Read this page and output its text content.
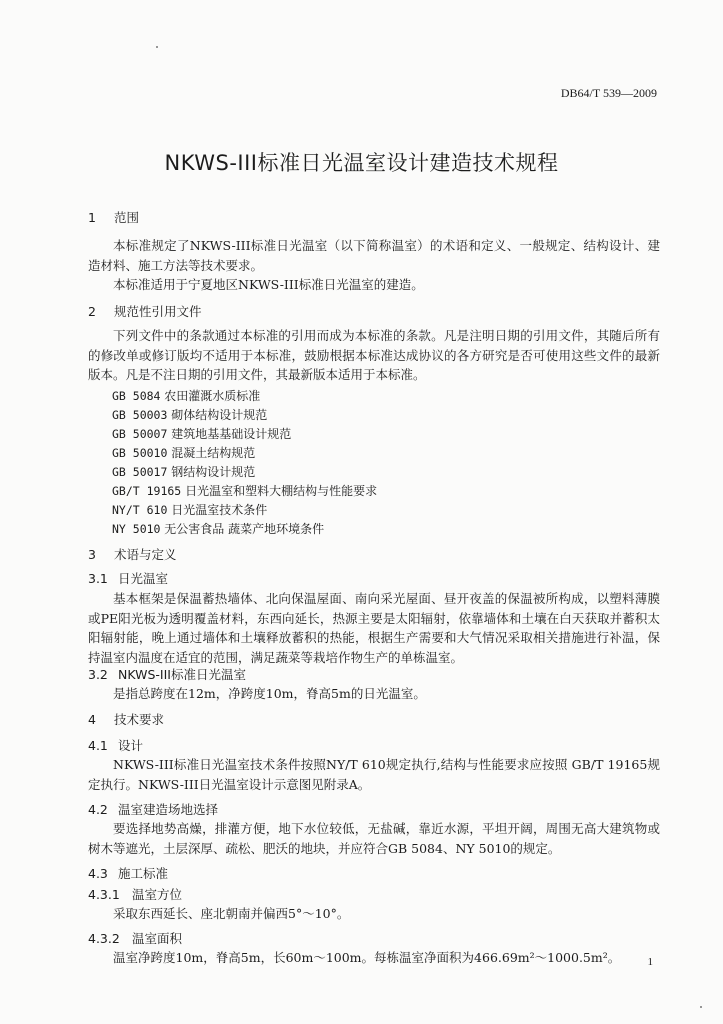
DB64/T 539—2009
NKWS-III标准日光温室设计建造技术规程
1 范围

本标准规定了NKWS-III标准日光温室（以下简称温室）的术语和定义、一般规定、结构设计、建造材料、施工方法等技术要求。

本标准适用于宁夏地区NKWS-III标准日光温室的建造。

2 规范性引用文件

下列文件中的条款通过本标准的引用而成为本标准的条款。凡是注明日期的引用文件，其随后所有的修改单或修订版均不适用于本标准，鼓励根据本标准达成协议的各方研究是否可使用这些文件的最新版本。凡是不注日期的引用文件，其最新版本适用于本标准。

GB 5084 农田灌溉水质标准
GB 50003 砌体结构设计规范
GB 50007 建筑地基基础设计规范
GB 50010 混凝土结构规范
GB 50017 钢结构设计规范
GB/T 19165 日光温室和塑料大棚结构与性能要求
NY/T 610 日光温室技术条件
NY 5010 无公害食品 蔬菜产地环境条件
3 术语与定义
3.1 日光温室

基本框架是保温蓄热墙体、北向保温屋面、南向采光屋面、昼开夜盖的保温被所构成，以塑料薄膜或PE阳光板为透明覆盖材料，东西向延长，热源主要是太阳辐射，依靠墙体和土壤在白天获取并蓄积太阳辐射能，晚上通过墙体和土壤释放蓄积的热能，根据生产需要和大气情况采取相关措施进行补温，保持温室内温度在适宜的范围，满足蔬菜等栽培作物生产的单栋温室。

3.2 NKWS-III标准日光温室

是指总跨度在12m，净跨度10m，脊高5m的日光温室。

4 技术要求
4.1 设计

NKWS-III标准日光温室技术条件按照NY/T 610规定执行,结构与性能要求应按照 GB/T 19165规定执行。NKWS-III日光温室设计示意图见附录A。

4.2 温室建造场地选择

要选择地势高燥，排灌方便，地下水位较低，无盐碱，靠近水源，平坦开阔，周围无高大建筑物或树木等遮光，土层深厚、疏松、肥沃的地块，并应符合GB 5084、NY 5010的规定。

4.3 施工标准
4.3.1 温室方位

采取东西延长、座北朝南并偏西5°～10°。

4.3.2 温室面积

温室净跨度10m，脊高5m，长60m～100m。每栋温室净面积为466.69m²～1000.5m²。	1
